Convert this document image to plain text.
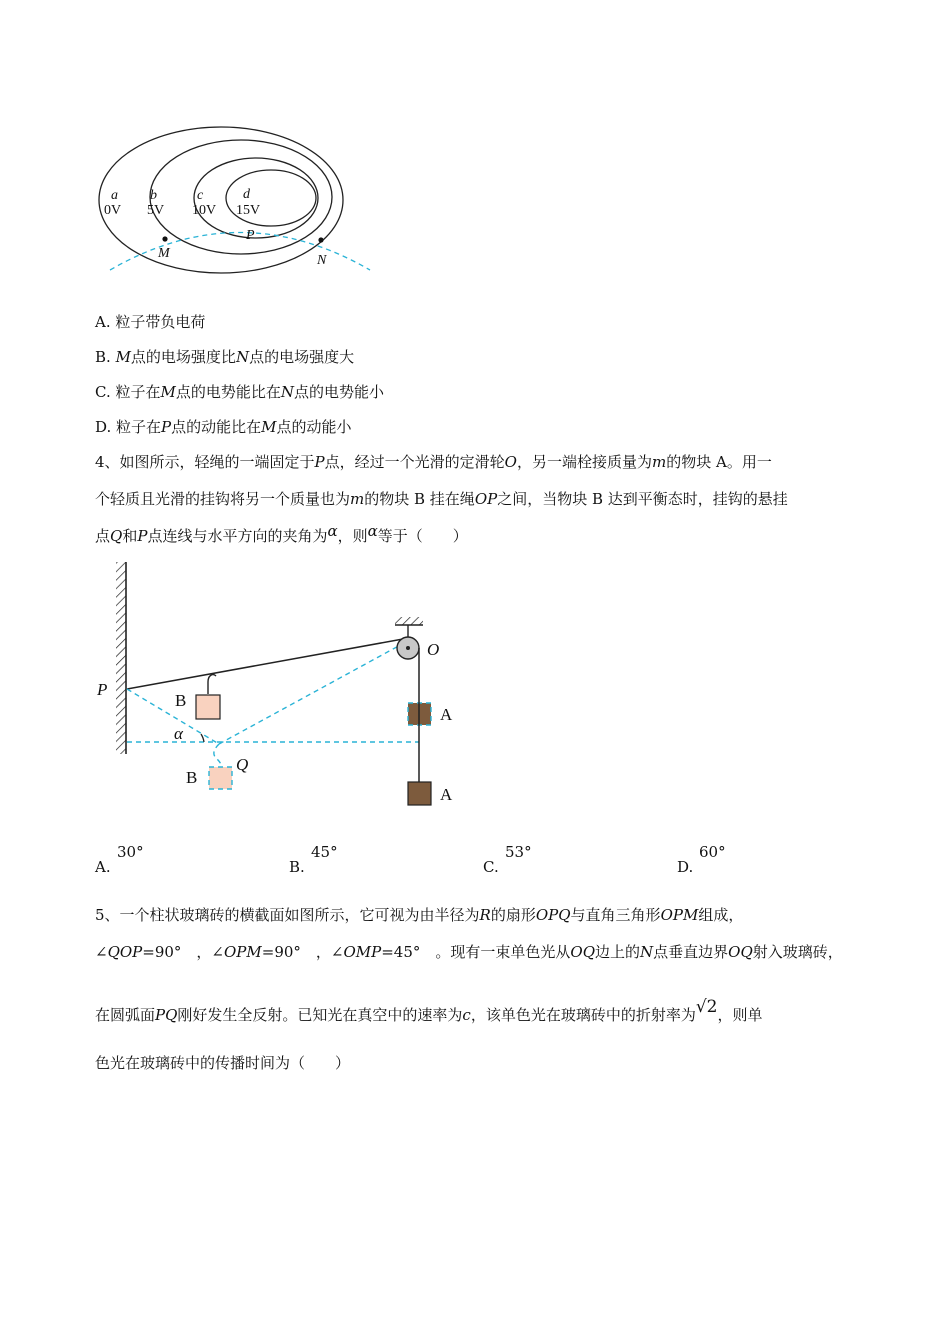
a
0V
b
5V
c
10V
d
15V
P
M	N
A. 粒子带负电荷
B. M点的电场强度比N点的电场强度大
C. 粒子在M点的电势能比在N点的电势能小
D. 粒子在P点的动能比在M点的动能小
4、如图所示，轻绳的一端固定于P点，经过一个光滑的定滑轮O，另一端栓接质量为m的物块 A。用一
个轻质且光滑的挂钩将另一个质量也为m的物块 B 挂在绳OP之间，当物块 B 达到平衡态时，挂钩的悬挂
点Q和P点连线与水平方向的夹角为α，则α等于（　　）
P
O
A
A
B
B
Q
α
A.
30°
B.
45°
C.
53°
D.
60°
5、一个柱状玻璃砖的横截面如图所示，它可视为由半径为R的扇形OPQ与直角三角形OPM组成，
∠QOP=90°　，∠OPM=90°　，∠OMP=45°　。现有一束单色光从OQ边上的N点垂直边界OQ射入玻璃砖，
在圆弧面PQ刚好发生全反射。已知光在真空中的速率为c，该单色光在玻璃砖中的折射率为√2，则单
色光在玻璃砖中的传播时间为（　　）
